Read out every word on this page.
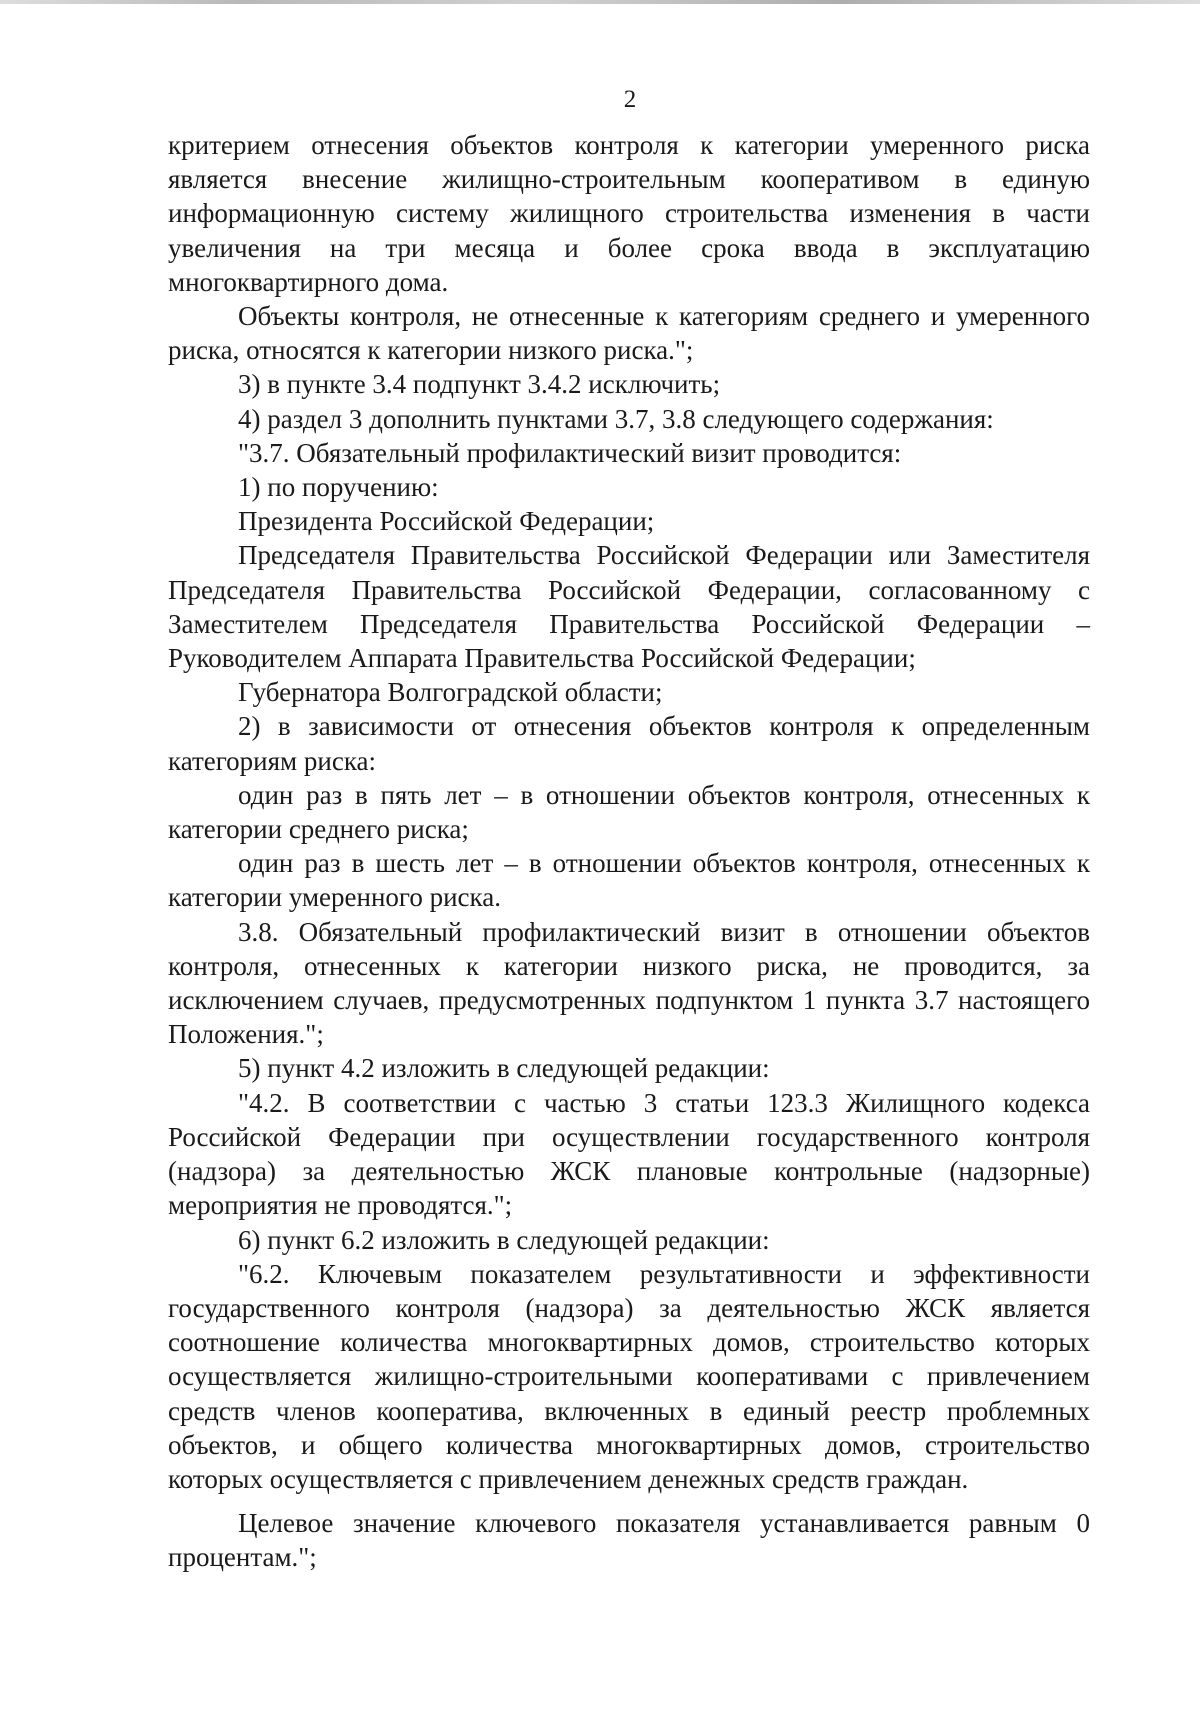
2

критерием отнесения объектов контроля к категории умеренного риска является внесение жилищно-строительным кооперативом в единую информационную систему жилищного строительства изменения в части увеличения на три месяца и более срока ввода в эксплуатацию многоквартирного дома.

Объекты контроля, не отнесенные к категориям среднего и умеренного риска, относятся к категории низкого риска.";

3) в пункте 3.4 подпункт 3.4.2 исключить;

4) раздел 3 дополнить пунктами 3.7, 3.8 следующего содержания:

"3.7. Обязательный профилактический визит проводится:

1) по поручению:

Президента Российской Федерации;

Председателя Правительства Российской Федерации или Заместителя Председателя Правительства Российской Федерации, согласованному с Заместителем Председателя Правительства Российской Федерации – Руководителем Аппарата Правительства Российской Федерации;

Губернатора Волгоградской области;

2) в зависимости от отнесения объектов контроля к определенным категориям риска:

один раз в пять лет – в отношении объектов контроля, отнесенных к категории среднего риска;

один раз в шесть лет – в отношении объектов контроля, отнесенных к категории умеренного риска.

3.8. Обязательный профилактический визит в отношении объектов контроля, отнесенных к категории низкого риска, не проводится, за исключением случаев, предусмотренных подпунктом 1 пункта 3.7 настоящего Положения.";

5) пункт 4.2 изложить в следующей редакции:

"4.2. В соответствии с частью 3 статьи 123.3 Жилищного кодекса Российской Федерации при осуществлении государственного контроля (надзора) за деятельностью ЖСК плановые контрольные (надзорные) мероприятия не проводятся.";

6) пункт 6.2 изложить в следующей редакции:

"6.2. Ключевым показателем результативности и эффективности государственного контроля (надзора) за деятельностью ЖСК является соотношение количества многоквартирных домов, строительство которых осуществляется жилищно-строительными кооперативами с привлечением средств членов кооператива, включенных в единый реестр проблемных объектов, и общего количества многоквартирных домов, строительство которых осуществляется с привлечением денежных средств граждан.

Целевое значение ключевого показателя устанавливается равным 0 процентам.";
